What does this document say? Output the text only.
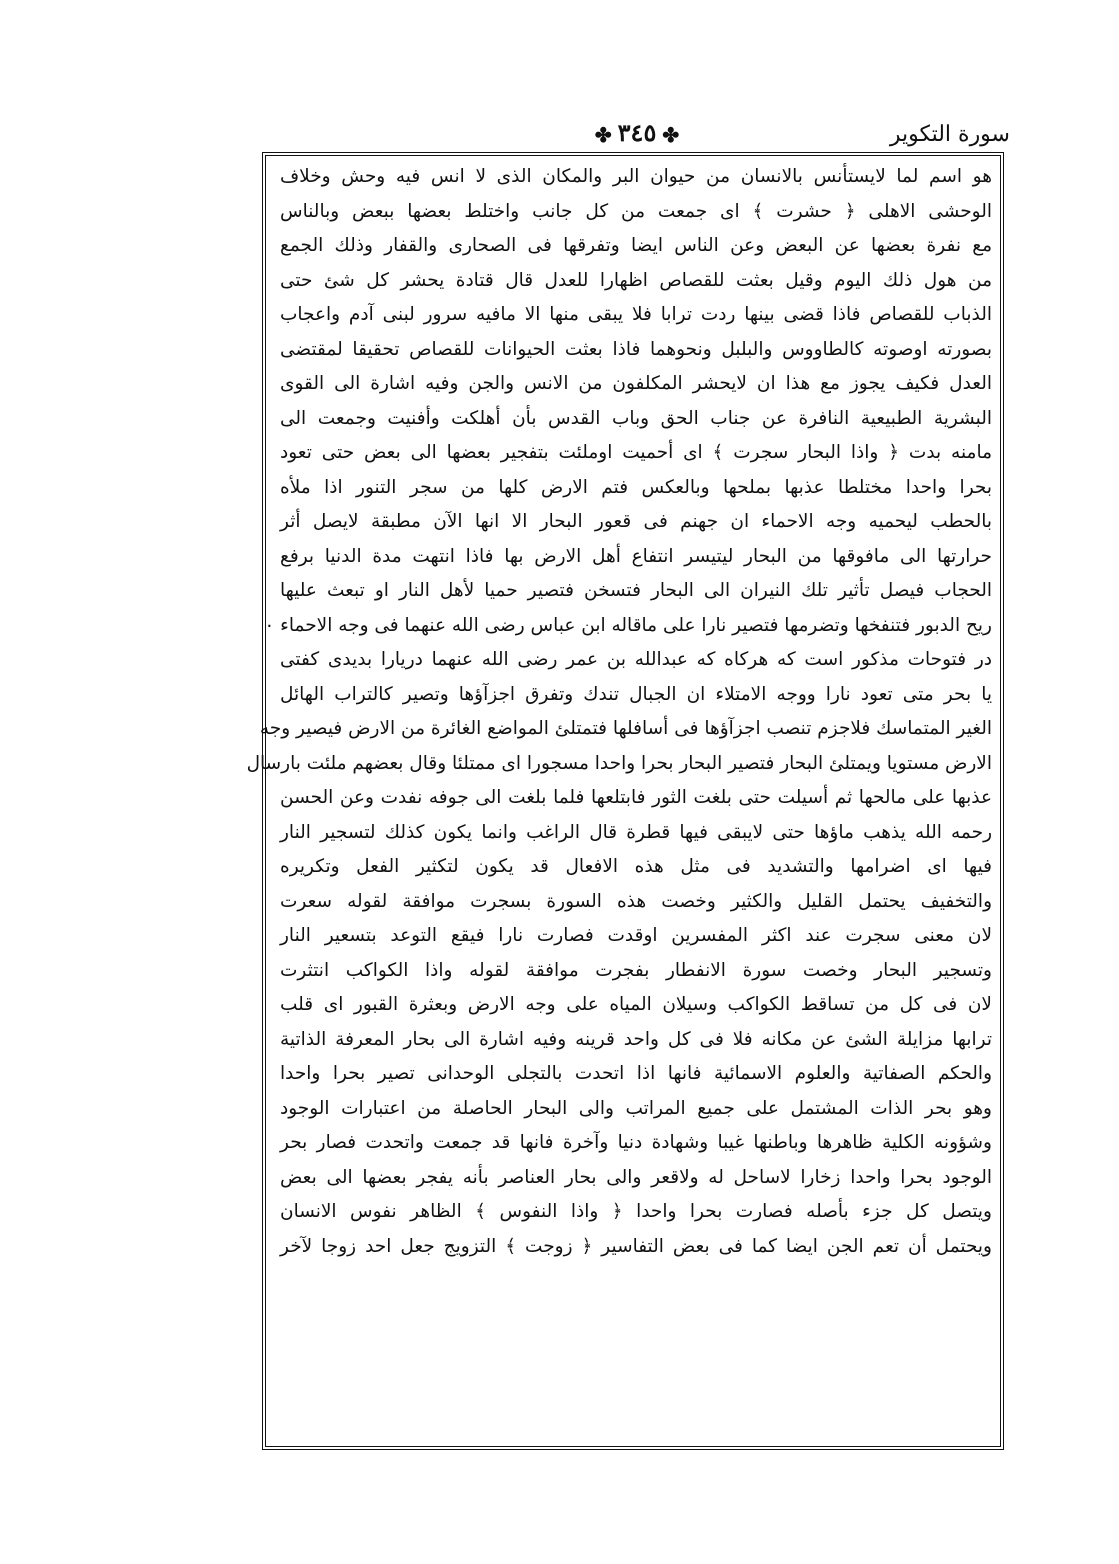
✤٣٤٥✤	سورة التكوير
هو اسم لما لايستأنس بالانسان من حيوان البر والمكان الذى لا انس فيه وحش وخلاف
الوحشى الاهلى ﴿ حشرت ﴾ اى جمعت من كل جانب واختلط بعضها ببعض وبالناس
مع نفرة بعضها عن البعض وعن الناس ايضا وتفرقها فى الصحارى والقفار وذلك الجمع
من هول ذلك اليوم وقيل بعثت للقصاص اظهارا للعدل قال قتادة يحشر كل شئ حتى
الذباب للقصاص فاذا قضى بينها ردت ترابا فلا يبقى منها الا مافيه سرور لبنى آدم واعجاب
بصورته اوصوته كالطاووس والبلبل ونحوهما فاذا بعثت الحيوانات للقصاص تحقيقا لمقتضى
العدل فكيف يجوز مع هذا ان لايحشر المكلفون من الانس والجن وفيه اشارة الى القوى
البشرية الطبيعية النافرة عن جناب الحق وباب القدس بأن أهلكت وأفنيت وجمعت الى
مامنه بدت ﴿ واذا البحار سجرت ﴾ اى أحميت اوملئت بتفجير بعضها الى بعض حتى تعود
بحرا واحدا مختلطا عذبها بملحها وبالعكس فتم الارض كلها من سجر التنور اذا ملأه
بالحطب ليحميه وجه الاحماء ان جهنم فى قعور البحار الا انها الآن مطبقة لايصل أثر
حرارتها الى مافوقها من البحار ليتيسر انتفاع أهل الارض بها فاذا انتهت مدة الدنيا برفع
الحجاب فيصل تأثير تلك النيران الى البحار فتسخن فتصير حميا لأهل النار او تبعث عليها
ريح الدبور فتنفخها وتضرمها فتصير نارا على ماقاله ابن عباس رضى الله عنهما فى وجه الاحماء ٠
در فتوحات مذكور است كه هركاه كه عبدالله بن عمر رضى الله عنهما دريارا بديدى كفتى
يا بحر متى تعود نارا ووجه الامتلاء ان الجبال تندك وتفرق اجزآؤها وتصير كالتراب الهائل
الغير المتماسك فلاجزم تنصب اجزآؤها فى أسافلها فتمتلئ المواضع الغائرة من الارض فيصير وجه
الارض مستويا ويمتلئ البحار فتصير البحار بحرا واحدا مسجورا اى ممتلئا وقال بعضهم ملئت بارسال
عذبها على مالحها ثم أسيلت حتى بلغت الثور فابتلعها فلما بلغت الى جوفه نفدت وعن الحسن
رحمه الله يذهب ماؤها حتى لايبقى فيها قطرة قال الراغب وانما يكون كذلك لتسجير النار
فيها اى اضرامها والتشديد فى مثل هذه الافعال قد يكون لتكثير الفعل وتكريره
والتخفيف يحتمل القليل والكثير وخصت هذه السورة بسجرت موافقة لقوله سعرت
لان معنى سجرت عند اكثر المفسرين اوقدت فصارت نارا فيقع التوعد بتسعير النار
وتسجير البحار وخصت سورة الانفطار بفجرت موافقة لقوله واذا الكواكب انتثرت
لان فى كل من تساقط الكواكب وسيلان المياه على وجه الارض وبعثرة القبور اى قلب
ترابها مزايلة الشئ عن مكانه فلا فى كل واحد قرينه وفيه اشارة الى بحار المعرفة الذاتية
والحكم الصفاتية والعلوم الاسمائية فانها اذا اتحدت بالتجلى الوحدانى تصير بحرا واحدا
وهو بحر الذات المشتمل على جميع المراتب والى البحار الحاصلة من اعتبارات الوجود
وشؤونه الكلية ظاهرها وباطنها غيبا وشهادة دنيا وآخرة فانها قد جمعت واتحدت فصار بحر
الوجود بحرا واحدا زخارا لاساحل له ولاقعر والى بحار العناصر بأنه يفجر بعضها الى بعض
ويتصل كل جزء بأصله فصارت بحرا واحدا ﴿ واذا النفوس ﴾ الظاهر نفوس الانسان
ويحتمل أن تعم الجن ايضا كما فى بعض التفاسير ﴿ زوجت ﴾ التزويج جعل احد زوجا لآخر
